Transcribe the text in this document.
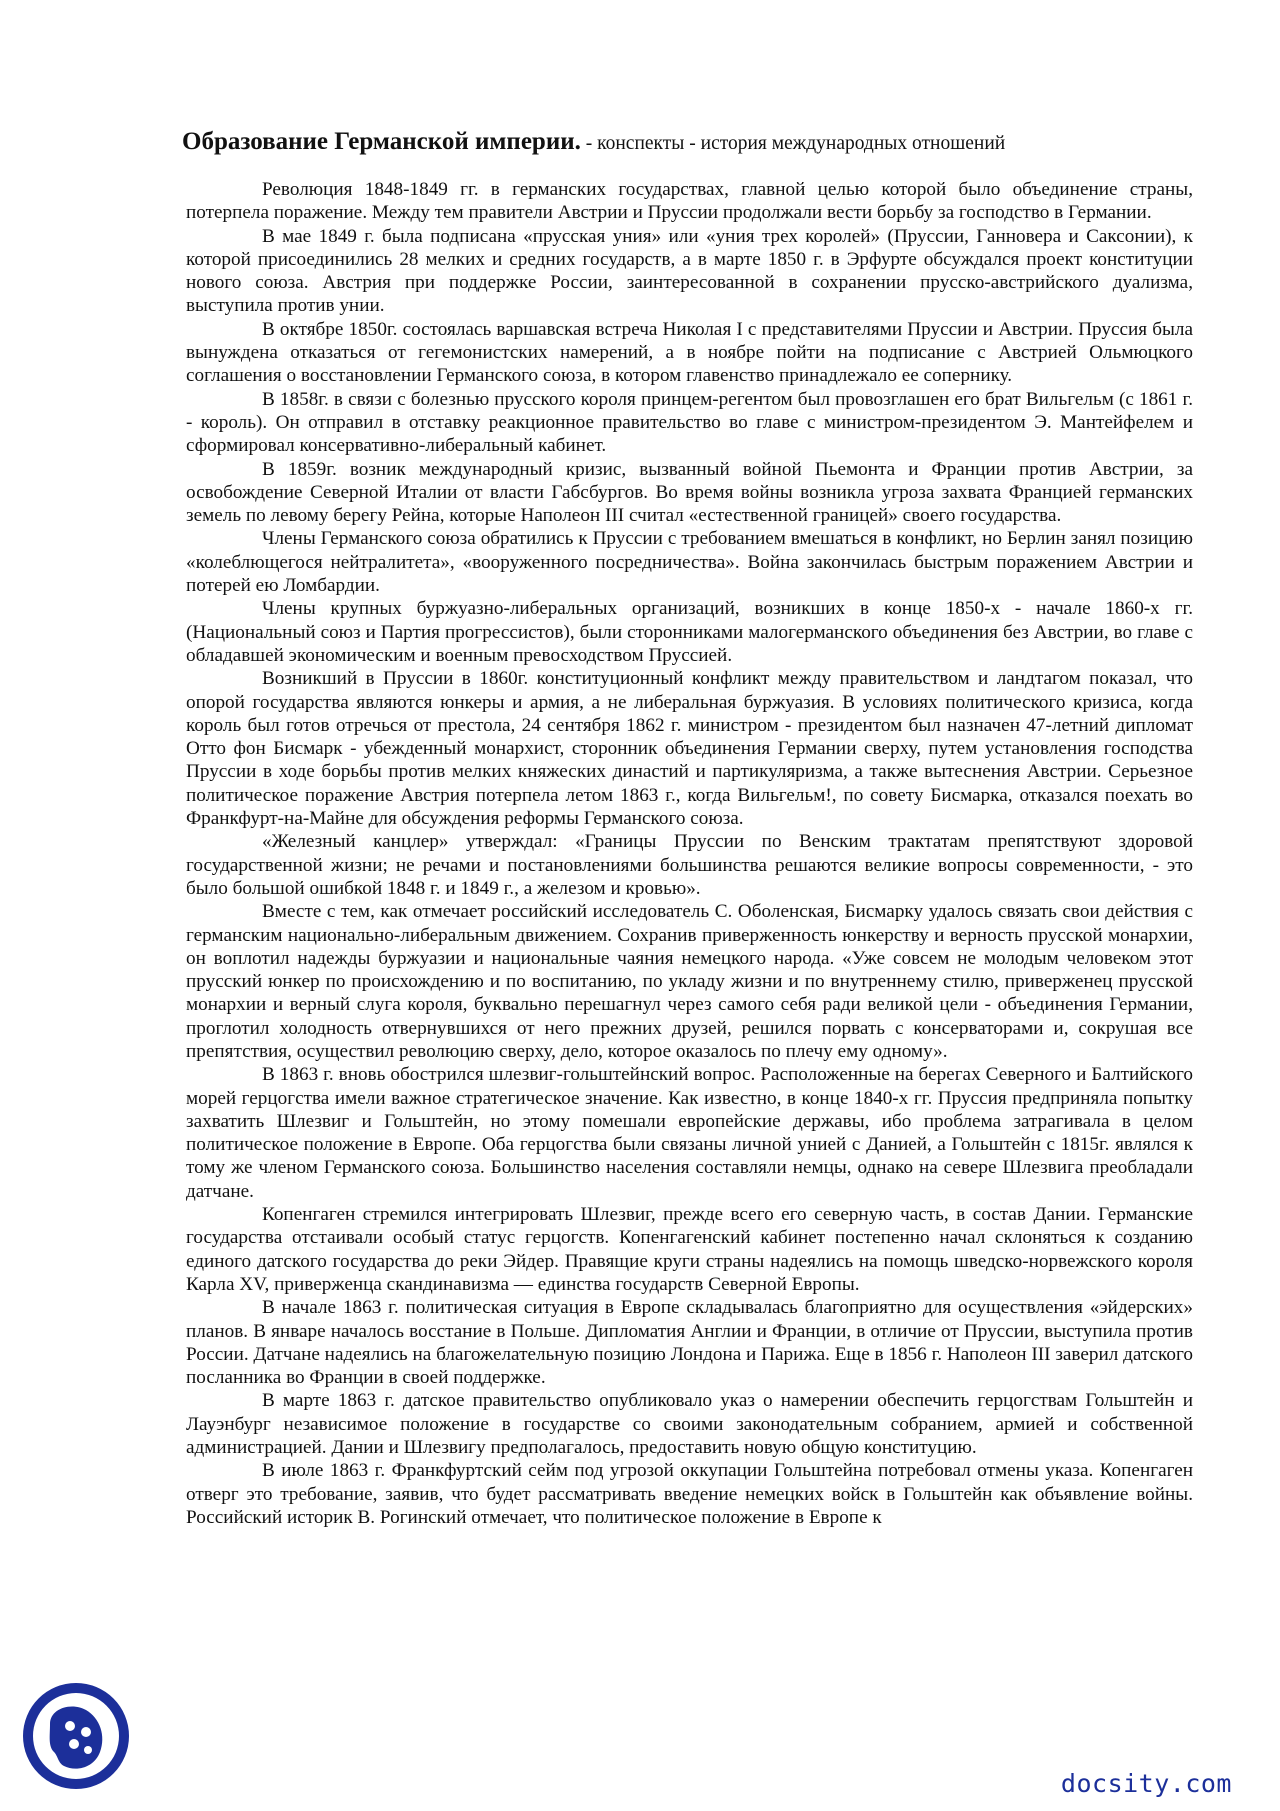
Образование Германской империи. - конспекты - история международных отношений

Революция 1848-1849 гг. в германских государствах, главной целью которой было объединение страны, потерпела поражение. Между тем правители Австрии и Пруссии продолжали вести борьбу за господство в Германии.

В мае 1849 г. была подписана «прусская уния» или «уния трех королей» (Пруссии, Ганновера и Саксонии), к которой присоединились 28 мелких и средних государств, а в марте 1850 г. в Эрфурте обсуждался проект конституции нового союза. Австрия при поддержке России, заинтересованной в сохранении прусско-австрийского дуализма, выступила против унии.

В октябре 1850г. состоялась варшавская встреча Николая I с представителями Пруссии и Австрии. Пруссия была вынуждена отказаться от гегемонистских намерений, а в ноябре пойти на подписание с Австрией Ольмюцкого соглашения о восстановлении Германского союза, в котором главенство принадлежало ее сопернику.

В 1858г. в связи с болезнью прусского короля принцем-регентом был провозглашен его брат Вильгельм (с 1861 г. - король). Он отправил в отставку реакционное правительство во главе с министром-президентом Э. Мантейфелем и сформировал консервативно-либеральный кабинет.

В 1859г. возник международный кризис, вызванный войной Пьемонта и Франции против Австрии, за освобождение Северной Италии от власти Габсбургов. Во время войны возникла угроза захвата Францией германских земель по левому берегу Рейна, которые Наполеон III считал «естественной границей» своего государства.

Члены Германского союза обратились к Пруссии с требованием вмешаться в конфликт, но Берлин занял позицию «колеблющегося нейтралитета», «вооруженного посредничества». Война закончилась быстрым поражением Австрии и потерей ею Ломбардии.

Члены крупных буржуазно-либеральных организаций, возникших в конце 1850-х - начале 1860-х гг. (Национальный союз и Партия прогрессистов), были сторонниками малогерманского объединения без Австрии, во главе с обладавшей экономическим и военным превосходством Пруссией.

Возникший в Пруссии в 1860г. конституционный конфликт между правительством и ландтагом показал, что опорой государства являются юнкеры и армия, а не либеральная буржуазия. В условиях политического кризиса, когда король был готов отречься от престола, 24 сентября 1862 г. министром - президентом был назначен 47-летний дипломат Отто фон Бисмарк - убежденный монархист, сторонник объединения Германии сверху, путем установления господства Пруссии в ходе борьбы против мелких княжеских династий и партикуляризма, а также вытеснения Австрии. Серьезное политическое поражение Австрия потерпела летом 1863 г., когда Вильгельм!, по совету Бисмарка, отказался поехать во Франкфурт-на-Майне для обсуждения реформы Германского союза.

«Железный канцлер» утверждал: «Границы Пруссии по Венским трактатам препятствуют здоровой государственной жизни; не речами и постановлениями большинства решаются великие вопросы современности, - это было большой ошибкой 1848 г. и 1849 г., а железом и кровью».

Вместе с тем, как отмечает российский исследователь С. Оболенская, Бисмарку удалось связать свои действия с германским национально-либеральным движением. Сохранив приверженность юнкерству и верность прусской монархии, он воплотил надежды буржуазии и национальные чаяния немецкого народа. «Уже совсем не молодым человеком этот прусский юнкер по происхождению и по воспитанию, по укладу жизни и по внутреннему стилю, приверженец прусской монархии и верный слуга короля, буквально перешагнул через самого себя ради великой цели - объединения Германии, проглотил холодность отвернувшихся от него прежних друзей, решился порвать с консерваторами и, сокрушая все препятствия, осуществил революцию сверху, дело, которое оказалось по плечу ему одному».

В 1863 г. вновь обострился шлезвиг-гольштейнский вопрос. Расположенные на берегах Северного и Балтийского морей герцогства имели важное стратегическое значение. Как известно, в конце 1840-х гг. Пруссия предприняла попытку захватить Шлезвиг и Гольштейн, но этому помешали европейские державы, ибо проблема затрагивала в целом политическое положение в Европе. Оба герцогства были связаны личной унией с Данией, а Гольштейн с 1815г. являлся к тому же членом Германского союза. Большинство населения составляли немцы, однако на севере Шлезвига преобладали датчане.

Копенгаген стремился интегрировать Шлезвиг, прежде всего его северную часть, в состав Дании. Германские государства отстаивали особый статус герцогств. Копенгагенский кабинет постепенно начал склоняться к созданию единого датского государства до реки Эйдер. Правящие круги страны надеялись на помощь шведско-норвежского короля Карла XV, приверженца скандинавизма — единства государств Северной Европы.

В начале 1863 г. политическая ситуация в Европе складывалась благоприятно для осуществления «эйдерских» планов. В январе началось восстание в Польше. Дипломатия Англии и Франции, в отличие от Пруссии, выступила против России. Датчане надеялись на благожелательную позицию Лондона и Парижа. Еще в 1856 г. Наполеон III заверил датского посланника во Франции в своей поддержке.

В марте 1863 г. датское правительство опубликовало указ о намерении обеспечить герцогствам Гольштейн и Лауэнбург независимое положение в государстве со своими законодательным собранием, армией и собственной администрацией. Дании и Шлезвигу предполагалось, предоставить новую общую конституцию.

В июле 1863 г. Франкфуртский сейм под угрозой оккупации Гольштейна потребовал отмены указа. Копенгаген отверг это требование, заявив, что будет рассматривать введение немецких войск в Гольштейн как объявление войны. Российский историк В. Рогинский отмечает, что политическое положение в Европе к

docsity.com
